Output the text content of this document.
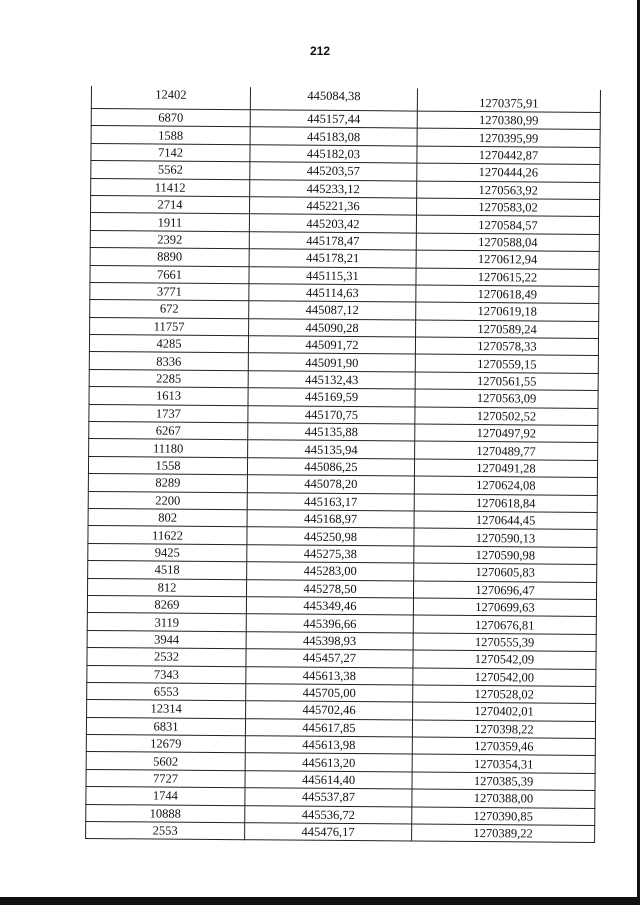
212
12402	445084,38	1270375,91
6870	445157,44	1270380,99
1588	445183,08	1270395,99
7142	445182,03	1270442,87
5562	445203,57	1270444,26
11412	445233,12	1270563,92
2714	445221,36	1270583,02
1911	445203,42	1270584,57
2392	445178,47	1270588,04
8890	445178,21	1270612,94
7661	445115,31	1270615,22
3771	445114,63	1270618,49
672	445087,12	1270619,18
11757	445090,28	1270589,24
4285	445091,72	1270578,33
8336	445091,90	1270559,15
2285	445132,43	1270561,55
1613	445169,59	1270563,09
1737	445170,75	1270502,52
6267	445135,88	1270497,92
11180	445135,94	1270489,77
1558	445086,25	1270491,28
8289	445078,20	1270624,08
2200	445163,17	1270618,84
802	445168,97	1270644,45
11622	445250,98	1270590,13
9425	445275,38	1270590,98
4518	445283,00	1270605,83
812	445278,50	1270696,47
8269	445349,46	1270699,63
3119	445396,66	1270676,81
3944	445398,93	1270555,39
2532	445457,27	1270542,09
7343	445613,38	1270542,00
6553	445705,00	1270528,02
12314	445702,46	1270402,01
6831	445617,85	1270398,22
12679	445613,98	1270359,46
5602	445613,20	1270354,31
7727	445614,40	1270385,39
1744	445537,87	1270388,00
10888	445536,72	1270390,85
2553	445476,17	1270389,22
